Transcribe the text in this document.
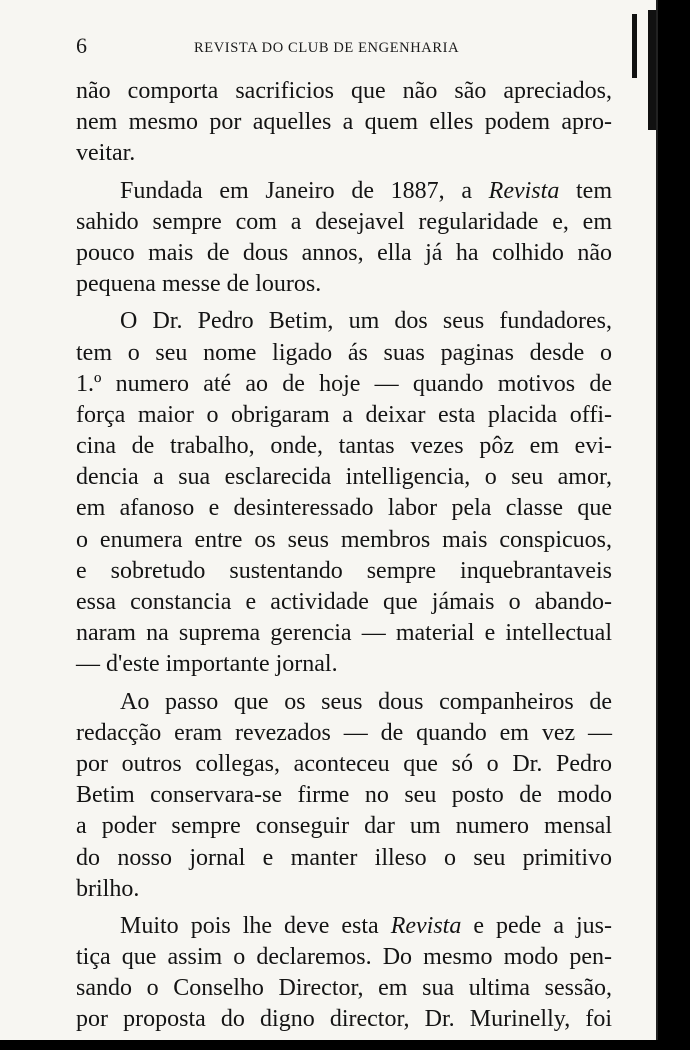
6	REVISTA DO CLUB DE ENGENHARIA
não comporta sacrificios que não são apreciados,
nem mesmo por aquelles a quem elles podem apro-
veitar.
Fundada em Janeiro de 1887, a Revista tem
sahido sempre com a desejavel regularidade e, em
pouco mais de dous annos, ella já ha colhido não
pequena messe de louros.
O Dr. Pedro Betim, um dos seus fundadores,
tem o seu nome ligado ás suas paginas desde o
1.º numero até ao de hoje — quando motivos de
força maior o obrigaram a deixar esta placida offi-
cina de trabalho, onde, tantas vezes pôz em evi-
dencia a sua esclarecida intelligencia, o seu amor,
em afanoso e desinteressado labor pela classe que
o enumera entre os seus membros mais conspicuos,
e sobretudo sustentando sempre inquebrantaveis
essa constancia e actividade que jámais o abando-
naram na suprema gerencia — material e intellectual
— d'este importante jornal.
Ao passo que os seus dous companheiros de
redacção eram revezados — de quando em vez —
por outros collegas, aconteceu que só o Dr. Pedro
Betim conservara-se firme no seu posto de modo
a poder sempre conseguir dar um numero mensal
do nosso jornal e manter illeso o seu primitivo
brilho.
Muito pois lhe deve esta Revista e pede a jus-
tiça que assim o declaremos. Do mesmo modo pen-
sando o Conselho Director, em sua ultima sessão,
por proposta do digno director, Dr. Murinelly, foi
